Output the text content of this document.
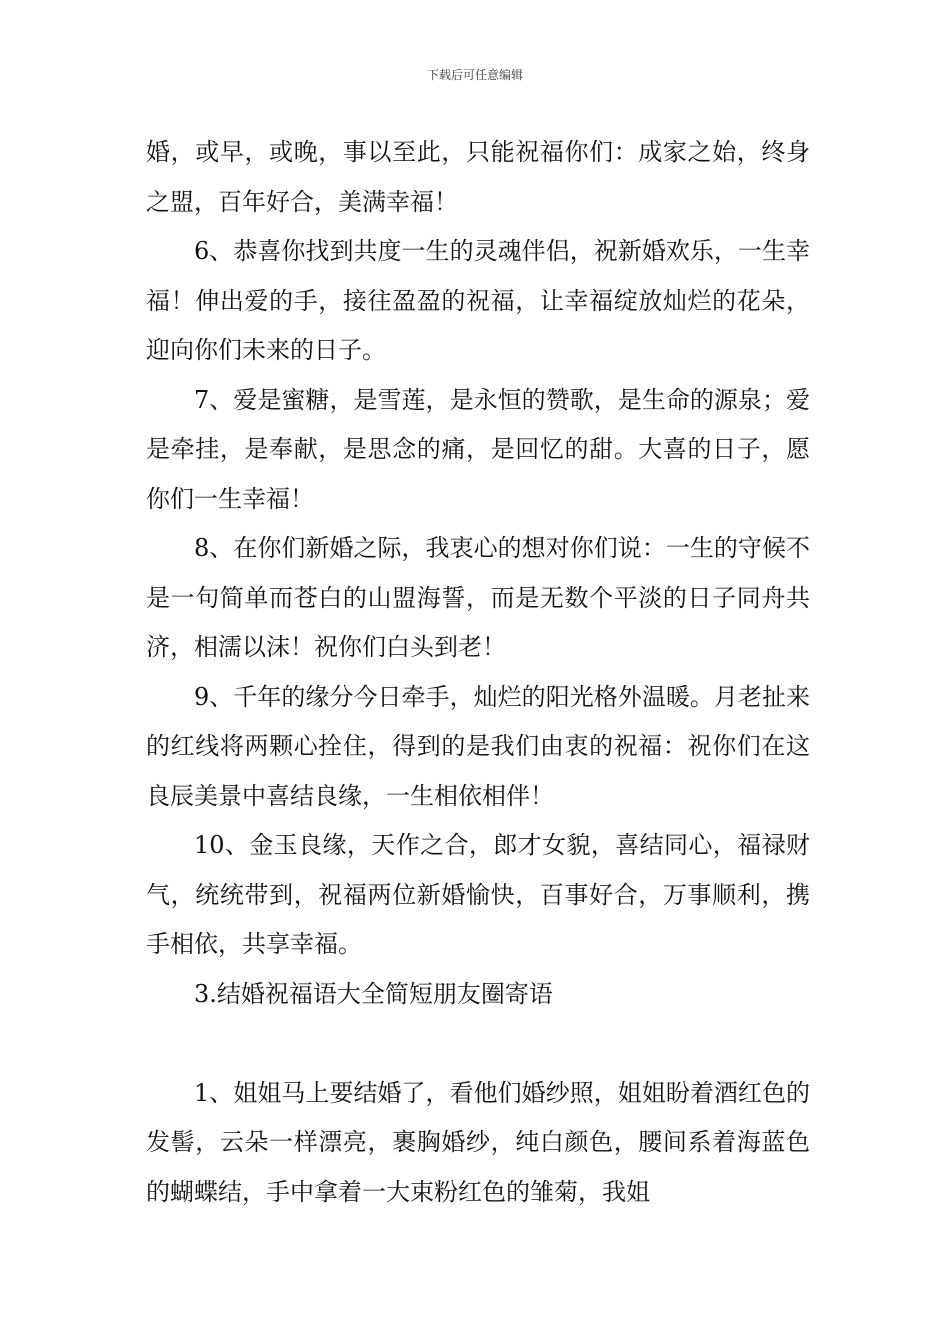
下载后可任意编辑

婚，或早，或晚，事以至此，只能祝福你们：成家之始，终身之盟，百年好合，美满幸福！

6、恭喜你找到共度一生的灵魂伴侣，祝新婚欢乐，一生幸福！伸出爱的手，接往盈盈的祝福，让幸福绽放灿烂的花朵，迎向你们未来的日子。

7、爱是蜜糖，是雪莲，是永恒的赞歌，是生命的源泉；爱是牵挂，是奉献，是思念的痛，是回忆的甜。大喜的日子，愿你们一生幸福！

8、在你们新婚之际，我衷心的想对你们说：一生的守候不是一句简单而苍白的山盟海誓，而是无数个平淡的日子同舟共济，相濡以沫！祝你们白头到老！

9、千年的缘分今日牵手，灿烂的阳光格外温暖。月老扯来的红线将两颗心拴住，得到的是我们由衷的祝福：祝你们在这良辰美景中喜结良缘，一生相依相伴！

10、金玉良缘，天作之合，郎才女貌，喜结同心，福禄财气，统统带到，祝福两位新婚愉快，百事好合，万事顺利，携手相依，共享幸福。

3.结婚祝福语大全简短朋友圈寄语

1、姐姐马上要结婚了，看他们婚纱照，姐姐盼着酒红色的发髻，云朵一样漂亮，裹胸婚纱，纯白颜色，腰间系着海蓝色的蝴蝶结，手中拿着一大束粉红色的雏菊，我姐
